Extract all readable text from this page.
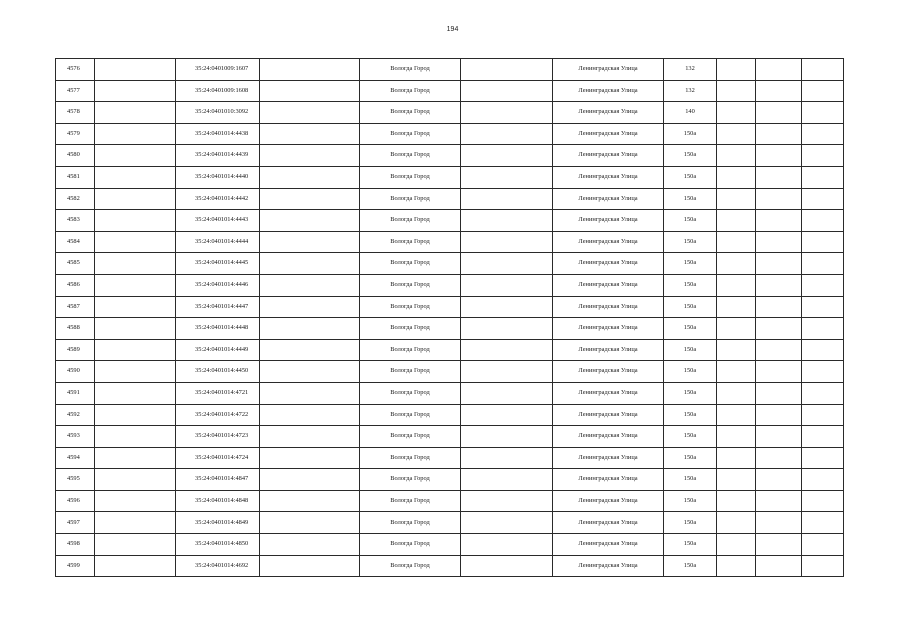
194
4576		35:24:0401009:1607		Вологда Город		Ленинградская Улица	132			
4577		35:24:0401009:1608		Вологда Город		Ленинградская Улица	132			
4578		35:24:0401010:3092		Вологда Город		Ленинградская Улица	140			
4579		35:24:0401014:4438		Вологда Город		Ленинградская Улица	150а			
4580		35:24:0401014:4439		Вологда Город		Ленинградская Улица	150а			
4581		35:24:0401014:4440		Вологда Город		Ленинградская Улица	150а			
4582		35:24:0401014:4442		Вологда Город		Ленинградская Улица	150а			
4583		35:24:0401014:4443		Вологда Город		Ленинградская Улица	150а			
4584		35:24:0401014:4444		Вологда Город		Ленинградская Улица	150а			
4585		35:24:0401014:4445		Вологда Город		Ленинградская Улица	150а			
4586		35:24:0401014:4446		Вологда Город		Ленинградская Улица	150а			
4587		35:24:0401014:4447		Вологда Город		Ленинградская Улица	150а			
4588		35:24:0401014:4448		Вологда Город		Ленинградская Улица	150а			
4589		35:24:0401014:4449		Вологда Город		Ленинградская Улица	150а			
4590		35:24:0401014:4450		Вологда Город		Ленинградская Улица	150а			
4591		35:24:0401014:4721		Вологда Город		Ленинградская Улица	150а			
4592		35:24:0401014:4722		Вологда Город		Ленинградская Улица	150а			
4593		35:24:0401014:4723		Вологда Город		Ленинградская Улица	150а			
4594		35:24:0401014:4724		Вологда Город		Ленинградская Улица	150а			
4595		35:24:0401014:4847		Вологда Город		Ленинградская Улица	150а			
4596		35:24:0401014:4848		Вологда Город		Ленинградская Улица	150а			
4597		35:24:0401014:4849		Вологда Город		Ленинградская Улица	150а			
4598		35:24:0401014:4850		Вологда Город		Ленинградская Улица	150а			
4599		35:24:0401014:4692		Вологда Город		Ленинградская Улица	150а			
